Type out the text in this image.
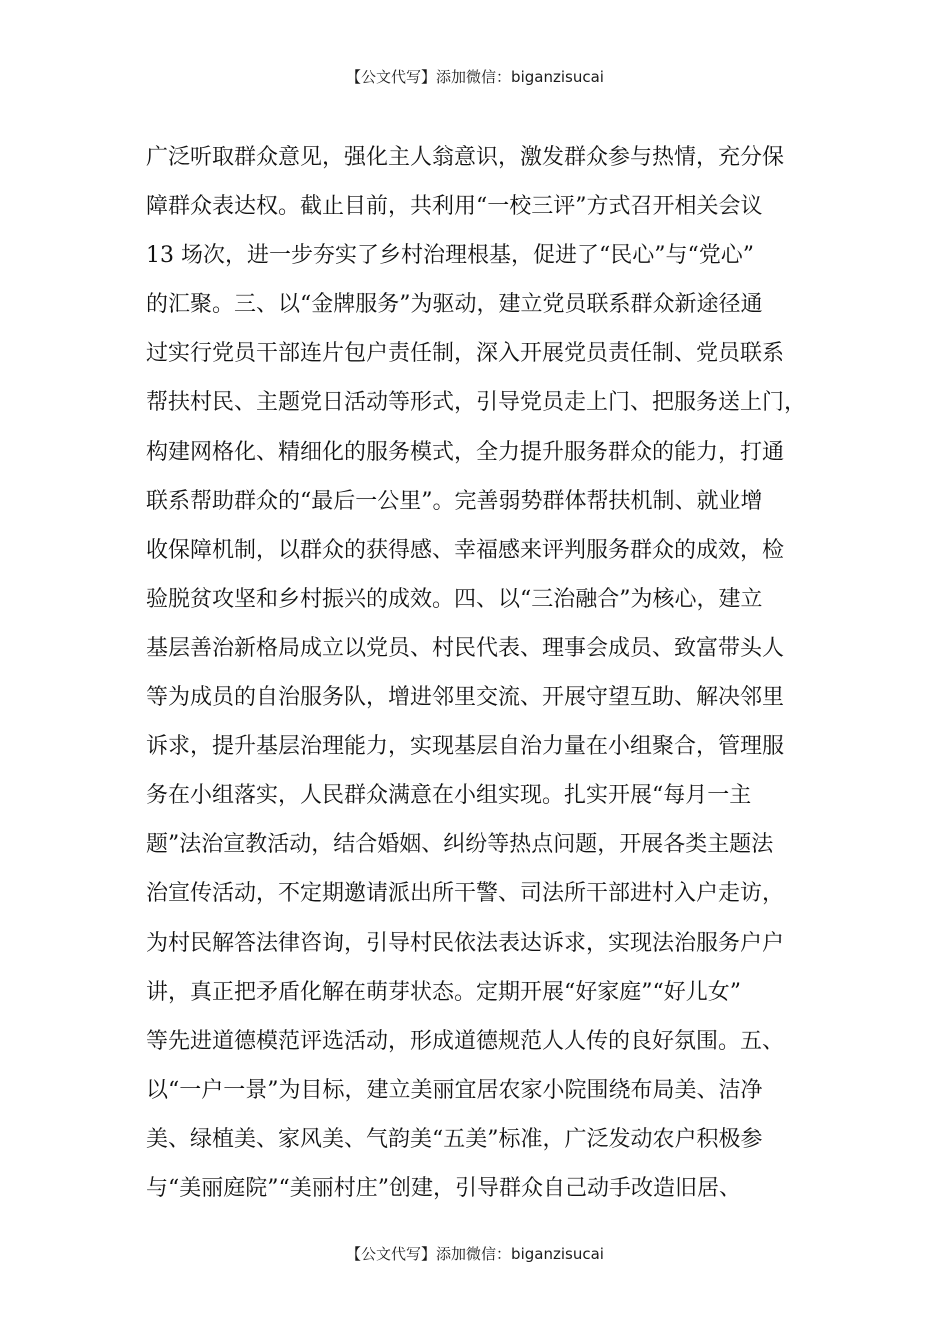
【公文代写】添加微信：biganzisucai
广泛听取群众意见，强化主人翁意识，激发群众参与热情，充分保
障群众表达权。截止目前，共利用“一校三评”方式召开相关会议
13 场次，进一步夯实了乡村治理根基，促进了“民心”与“党心”
的汇聚。三、以“金牌服务”为驱动，建立党员联系群众新途径通
过实行党员干部连片包户责任制，深入开展党员责任制、党员联系
帮扶村民、主题党日活动等形式，引导党员走上门、把服务送上门，
构建网格化、精细化的服务模式，全力提升服务群众的能力，打通
联系帮助群众的“最后一公里”。完善弱势群体帮扶机制、就业增
收保障机制，以群众的获得感、幸福感来评判服务群众的成效，检
验脱贫攻坚和乡村振兴的成效。四、以“三治融合”为核心，建立
基层善治新格局成立以党员、村民代表、理事会成员、致富带头人
等为成员的自治服务队，增进邻里交流、开展守望互助、解决邻里
诉求，提升基层治理能力，实现基层自治力量在小组聚合，管理服
务在小组落实，人民群众满意在小组实现。扎实开展“每月一主
题”法治宣教活动，结合婚姻、纠纷等热点问题，开展各类主题法
治宣传活动，不定期邀请派出所干警、司法所干部进村入户走访，
为村民解答法律咨询，引导村民依法表达诉求，实现法治服务户户
讲，真正把矛盾化解在萌芽状态。定期开展“好家庭”“好儿女”
等先进道德模范评选活动，形成道德规范人人传的良好氛围。五、
以“一户一景”为目标，建立美丽宜居农家小院围绕布局美、洁净
美、绿植美、家风美、气韵美“五美”标准，广泛发动农户积极参
与“美丽庭院”“美丽村庄”创建，引导群众自己动手改造旧居、
【公文代写】添加微信：biganzisucai
